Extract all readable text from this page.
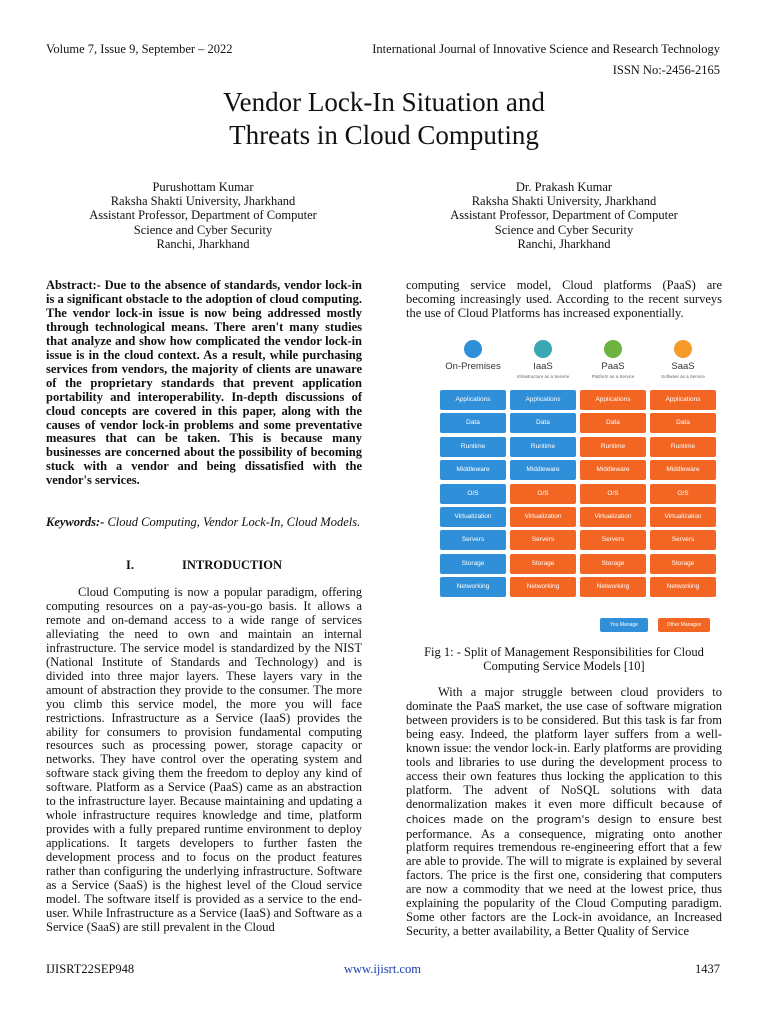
Volume 7, Issue 9, September – 2022	International Journal of Innovative Science and Research Technology
ISSN No:-2456-2165
Vendor Lock-In Situation and
Threats in Cloud Computing
Purushottam Kumar
Raksha Shakti University, Jharkhand
Assistant Professor, Department of Computer
Science and Cyber Security
Ranchi, Jharkhand
Dr. Prakash Kumar
Raksha Shakti University, Jharkhand
Assistant Professor, Department of Computer
Science and Cyber Security
Ranchi, Jharkhand

Abstract:- Due to the absence of standards, vendor lock-in is a significant obstacle to the adoption of cloud computing. The vendor lock-in issue is now being addressed mostly through technological means. There aren't many studies that analyze and show how complicated the vendor lock-in issue is in the cloud context. As a result, while purchasing services from vendors, the majority of clients are unaware of the proprietary standards that prevent application portability and interoperability. In-depth discussions of cloud concepts are covered in this paper, along with the causes of vendor lock-in problems and some preventative measures that can be taken. This is because many businesses are concerned about the possibility of becoming stuck with a vendor and being dissatisfied with the vendor's services.

Keywords:- Cloud Computing, Vendor Lock-In, Cloud Models.

I.	INTRODUCTION

Cloud Computing is now a popular paradigm, offering computing resources on a pay-as-you-go basis. It allows a remote and on-demand access to a wide range of services alleviating the need to own and maintain an internal infrastructure. The service model is standardized by the NIST (National Institute of Standards and Technology) and is divided into three major layers. These layers vary in the amount of abstraction they provide to the consumer. The more you climb this service model, the more you will face restrictions. Infrastructure as a Service (IaaS) provides the ability for consumers to provision fundamental computing resources such as processing power, storage capacity or networks. They have control over the operating system and software stack giving them the freedom to deploy any kind of software. Platform as a Service (PaaS) came as an abstraction to the infrastructure layer. Because maintaining and updating a whole infrastructure requires knowledge and time, platform provides with a fully prepared runtime environment to deploy applications. It targets developers to further fasten the development process and to focus on the product features rather than configuring the underlying infrastructure. Software as a Service (SaaS) is the highest level of the Cloud service model. The software itself is provided as a service to the end-user. While Infrastructure as a Service (IaaS) and Software as a Service (SaaS) are still prevalent in the Cloud

computing service model, Cloud platforms (PaaS) are becoming increasingly used. According to the recent surveys the use of Cloud Platforms has increased exponentially.

On-Premises
Applications
Data
Runtime
Middleware
O/S
Virtualization
Servers
Storage
Networking
IaaS
Infrastructure as a Service
Applications
Data
Runtime
Middleware
O/S
Virtualization
Servers
Storage
Networking
PaaS
Platform as a Service
Applications
Data
Runtime
Middleware
O/S
Virtualization
Servers
Storage
Networking
SaaS
Software as a Service
Applications
Data
Runtime
Middleware
O/S
Virtualization
Servers
Storage
Networking
You Manage	Other Manages
Fig 1: - Split of Management Responsibilities for Cloud
Computing Service Models [10]

With a major struggle between cloud providers to dominate the PaaS market, the use case of software migration between providers is to be considered. But this task is far from being easy. Indeed, the platform layer suffers from a well-known issue: the vendor lock-in. Early platforms are providing tools and libraries to use during the development process to access their own features thus locking the application to this platform. The advent of NoSQL solutions with data denormalization makes it even more difficult because of choices made on the program's design to ensure best performance. As a consequence, migrating onto another platform requires tremendous re-engineering effort that a few are able to provide. The will to migrate is explained by several factors. The price is the first one, considering that computers are now a commodity that we need at the lowest price, thus explaining the popularity of the Cloud Computing paradigm. Some other factors are the Lock-in avoidance, an Increased Security, a better availability, a Better Quality of Service

IJISRT22SEP948	www.ijisrt.com	1437
